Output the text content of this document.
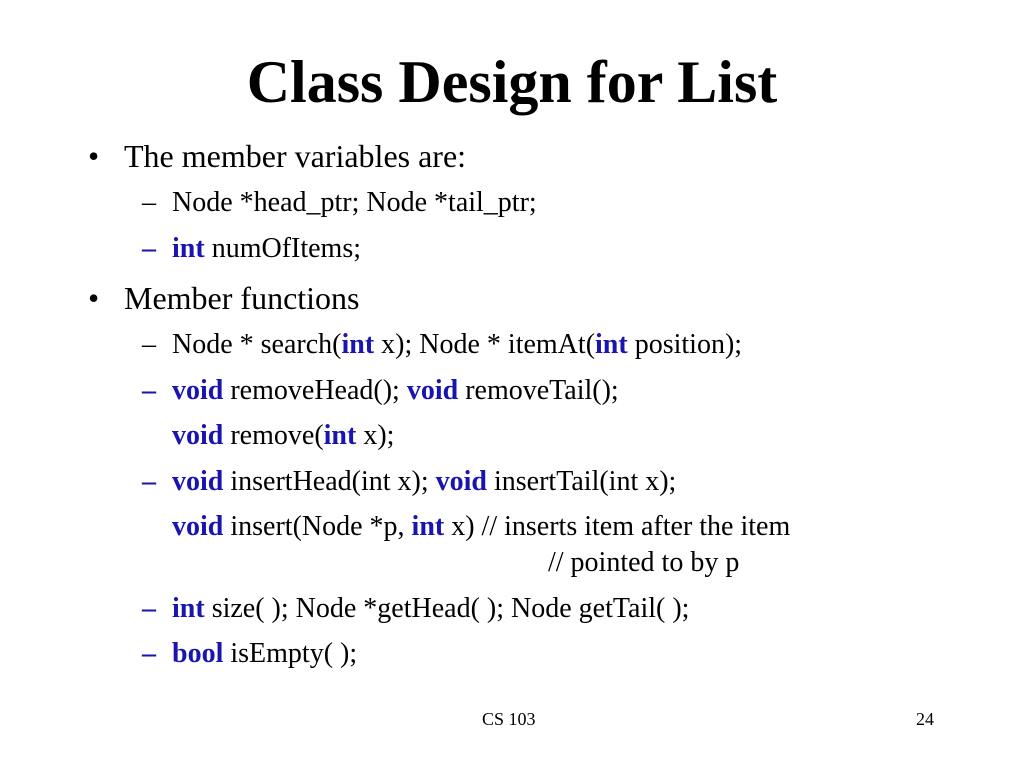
Class Design for List
• The member variables are:
– Node *head_ptr; Node *tail_ptr;
– int numOfItems;
• Member functions
– Node * search(int x); Node * itemAt(int position);
– void removeHead(); void removeTail();
void remove(int x);
– void insertHead(int x); void insertTail(int x);
void insert(Node *p, int x) // inserts item after the item
// pointed to by p
– int size( ); Node *getHead( ); Node getTail( );
– bool isEmpty( );
CS 103	24
